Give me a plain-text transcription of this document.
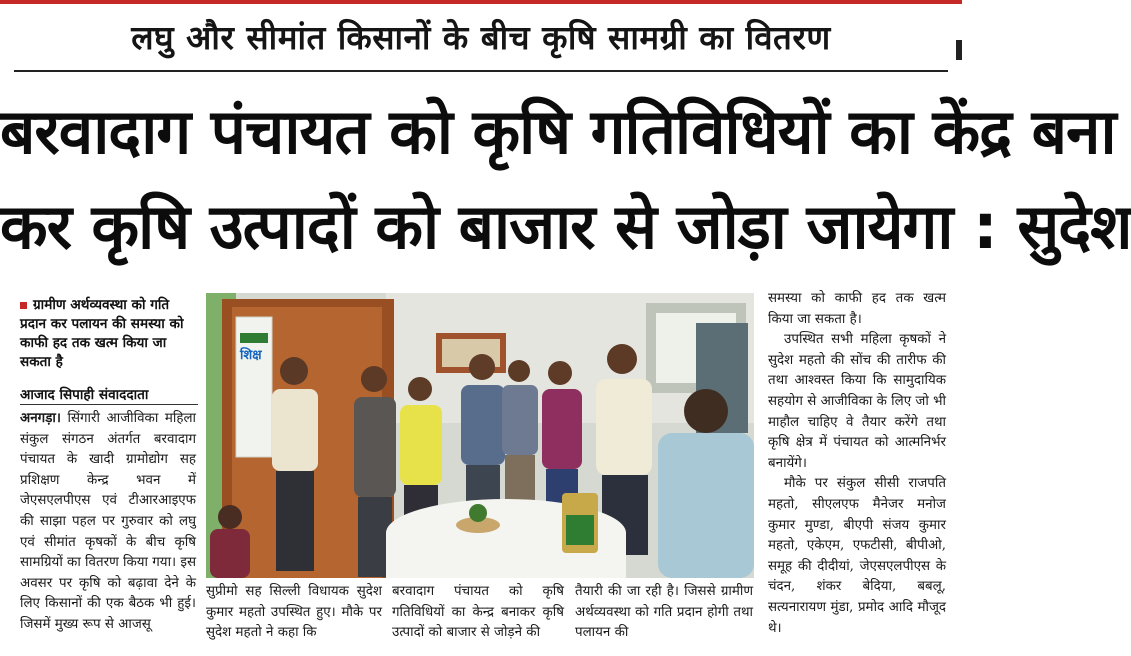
लघु और सीमांत किसानों के बीच कृषि सामग्री का वितरण
बरवादाग पंचायत को कृषि गतिविधियों का केंद्र बना
कर कृषि उत्पादों को बाजार से जोड़ा जायेगा : सुदेश
ग्रामीण अर्थव्यवस्था को गति प्रदान कर पलायन की समस्या को काफी हद तक खत्म किया जा सकता है
आजाद सिपाही संवाददाता

अनगड़ा। सिंगारी आजीविका महिला संकुल संगठन अंतर्गत बरवादाग पंचायत के खादी ग्रामोद्योग सह प्रशिक्षण केन्द्र भवन में जेएसएलपीएस एवं टीआरआइएफ की साझा पहल पर गुरुवार को लघु एवं सीमांत कृषकों के बीच कृषि सामग्रियों का वितरण किया गया। इस अवसर पर कृषि को बढ़ावा देने के लिए किसानों की एक बैठक भी हुई। जिसमें मुख्य रूप से आजसू

सुप्रीमो सह सिल्ली विधायक सुदेश कुमार महतो उपस्थित हुए। मौके पर सुदेश महतो ने कहा कि

बरवादाग पंचायत को कृषि गतिविधियों का केन्द्र बनाकर कृषि उत्पादों को बाजार से जोड़ने की

तैयारी की जा रही है। जिससे ग्रामीण अर्थव्यवस्था को गति प्रदान होगी तथा पलायन की

समस्या को काफी हद तक खत्म किया जा सकता है।
उपस्थित सभी महिला कृषकों ने सुदेश महतो की सोंच की तारीफ की तथा आश्वस्त किया कि सामुदायिक सहयोग से आजीविका के लिए जो भी माहौल चाहिए वे तैयार करेंगे तथा कृषि क्षेत्र में पंचायत को आत्मनिर्भर बनायेंगे।
मौके पर संकुल सीसी राजपति महतो, सीएलएफ मैनेजर मनोज कुमार मुण्डा, बीएपी संजय कुमार महतो, एकेएम, एफटीसी, बीपीओ, समूह की दीदीयां, जेएसएलपीएस के चंदन, शंकर बेदिया, बबलू, सत्यनारायण मुंडा, प्रमोद आदि मौजूद थे।
शिक्ष
